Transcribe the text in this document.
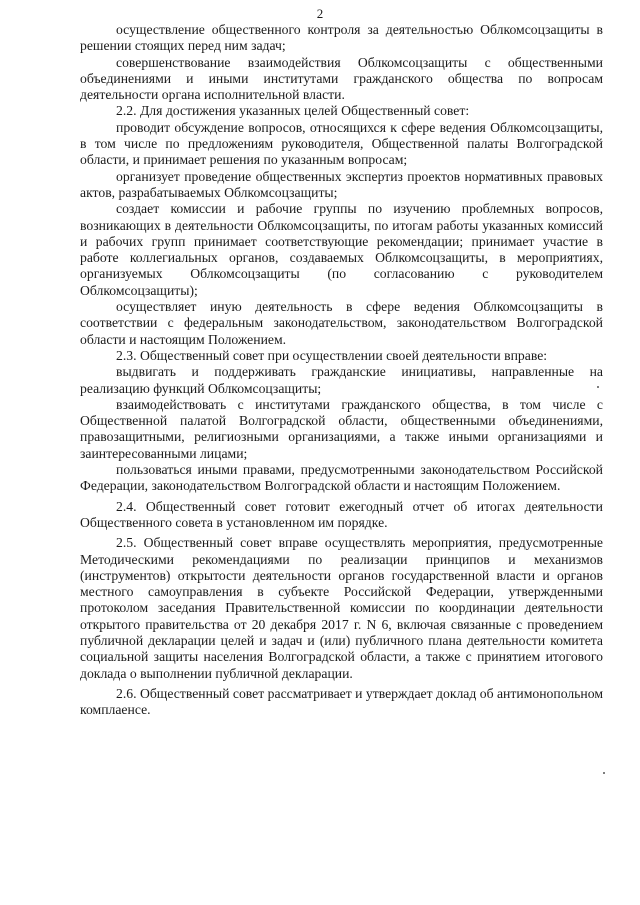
2

осуществление общественного контроля за деятельностью Облкомсоцзащиты в решении стоящих перед ним задач;

совершенствование взаимодействия Облкомсоцзащиты с общественными объединениями и иными институтами гражданского общества по вопросам деятельности органа исполнительной власти.

2.2. Для достижения указанных целей Общественный совет:

проводит обсуждение вопросов, относящихся к сфере ведения Облкомсоцзащиты, в том числе по предложениям руководителя, Общественной палаты Волгоградской области, и принимает решения по указанным вопросам;

организует проведение общественных экспертиз проектов нормативных правовых актов, разрабатываемых Облкомсоцзащиты;

создает комиссии и рабочие группы по изучению проблемных вопросов, возникающих в деятельности Облкомсоцзащиты, по итогам работы указанных комиссий и рабочих групп принимает соответствующие рекомендации; принимает участие в работе коллегиальных органов, создаваемых Облкомсоцзащиты, в мероприятиях, организуемых Облкомсоцзащиты (по согласованию с руководителем Облкомсоцзащиты);

осуществляет иную деятельность в сфере ведения Облкомсоцзащиты в соответствии с федеральным законодательством, законодательством Волгоградской области и настоящим Положением.

2.3. Общественный совет при осуществлении своей деятельности вправе:

выдвигать и поддерживать гражданские инициативы, направленные на реализацию функций Облкомсоцзащиты;

взаимодействовать с институтами гражданского общества, в том числе с Общественной палатой Волгоградской области, общественными объединениями, правозащитными, религиозными организациями, а также иными организациями и заинтересованными лицами;

пользоваться иными правами, предусмотренными законодательством Российской Федерации, законодательством Волгоградской области и настоящим Положением.

2.4. Общественный совет готовит ежегодный отчет об итогах деятельности Общественного совета в установленном им порядке.

2.5. Общественный совет вправе осуществлять мероприятия, предусмотренные Методическими рекомендациями по реализации принципов и механизмов (инструментов) открытости деятельности органов государственной власти и органов местного самоуправления в субъекте Российской Федерации, утвержденными протоколом заседания Правительственной комиссии по координации деятельности открытого правительства от 20 декабря 2017 г. N 6, включая связанные с проведением публичной декларации целей и задач и (или) публичного плана деятельности комитета социальной защиты населения Волгоградской области, а также с принятием итогового доклада о выполнении публичной декларации.

2.6. Общественный совет рассматривает и утверждает доклад об антимонопольном комплаенсе.
